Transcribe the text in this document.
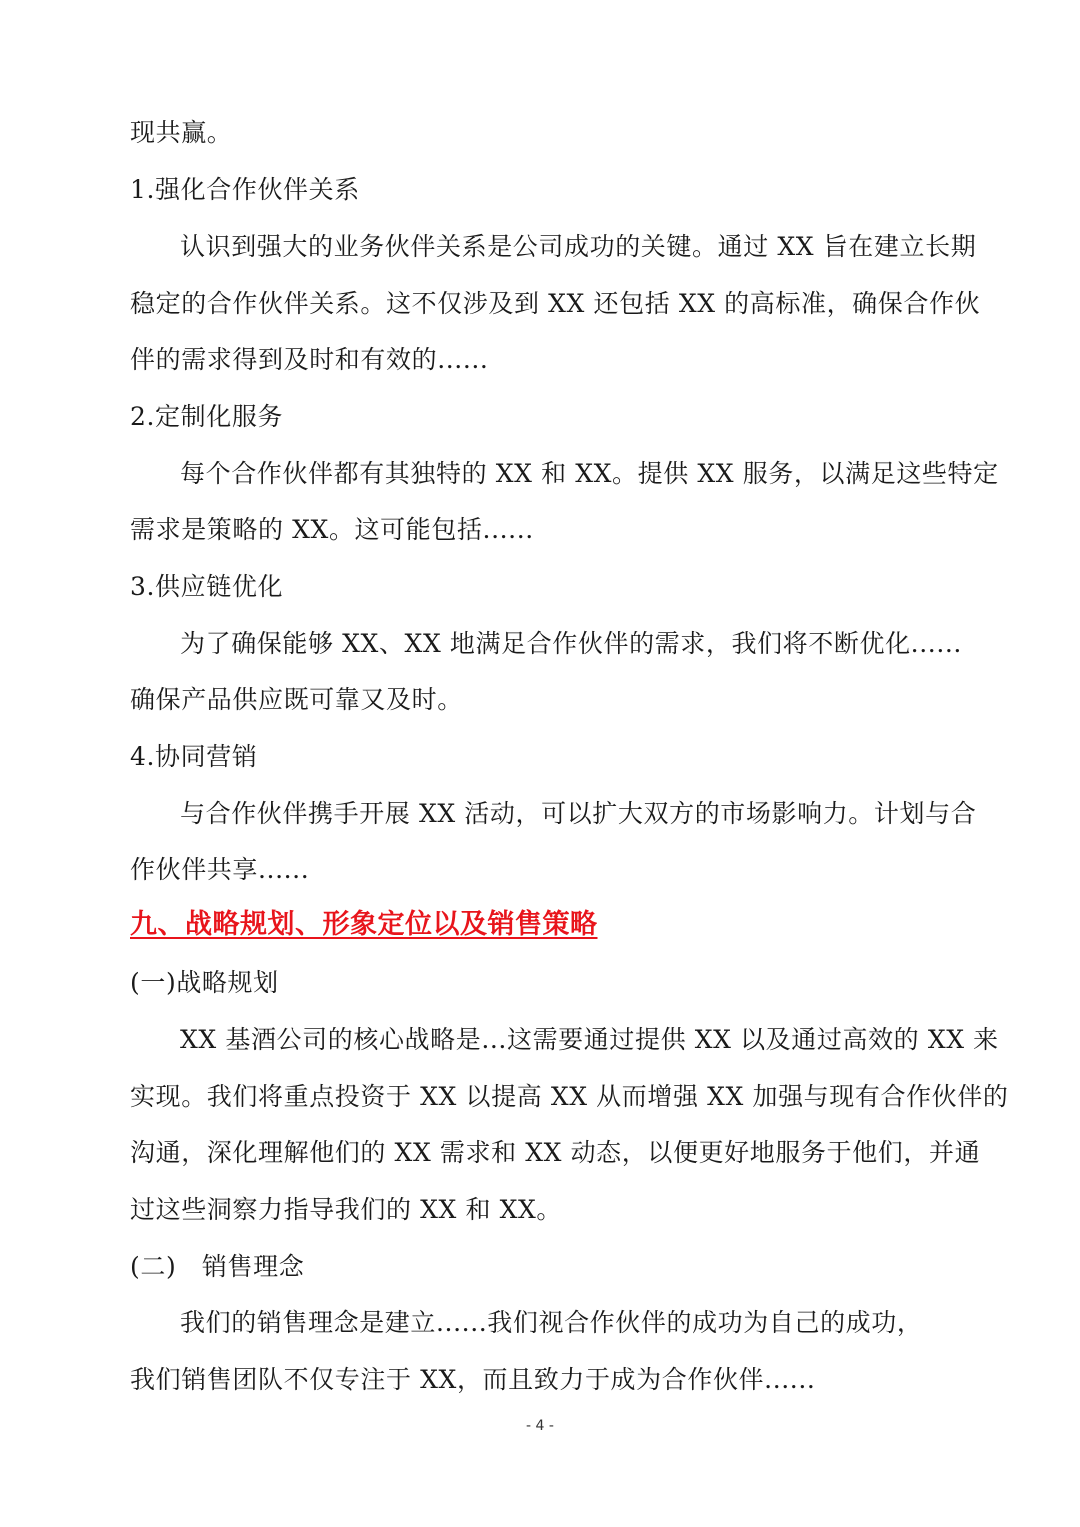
现共赢。
1.强化合作伙伴关系
认识到强大的业务伙伴关系是公司成功的关键。通过 XX 旨在建立长期
稳定的合作伙伴关系。这不仅涉及到 XX 还包括 XX 的高标准，确保合作伙
伴的需求得到及时和有效的......
2.定制化服务
每个合作伙伴都有其独特的 XX 和 XX。提供 XX 服务，以满足这些特定
需求是策略的 XX。这可能包括......
3.供应链优化
为了确保能够 XX、XX 地满足合作伙伴的需求，我们将不断优化......
确保产品供应既可靠又及时。
4.协同营销
与合作伙伴携手开展 XX 活动，可以扩大双方的市场影响力。计划与合
作伙伴共享......
九、战略规划、形象定位以及销售策略
(一)战略规划
XX 基酒公司的核心战略是...这需要通过提供 XX 以及通过高效的 XX 来
实现。我们将重点投资于 XX 以提高 XX 从而增强 XX 加强与现有合作伙伴的
沟通，深化理解他们的 XX 需求和 XX 动态，以便更好地服务于他们，并通
过这些洞察力指导我们的 XX 和 XX。
(二)　销售理念
我们的销售理念是建立......我们视合作伙伴的成功为自己的成功，
我们销售团队不仅专注于 XX，而且致力于成为合作伙伴......
- 4 -
